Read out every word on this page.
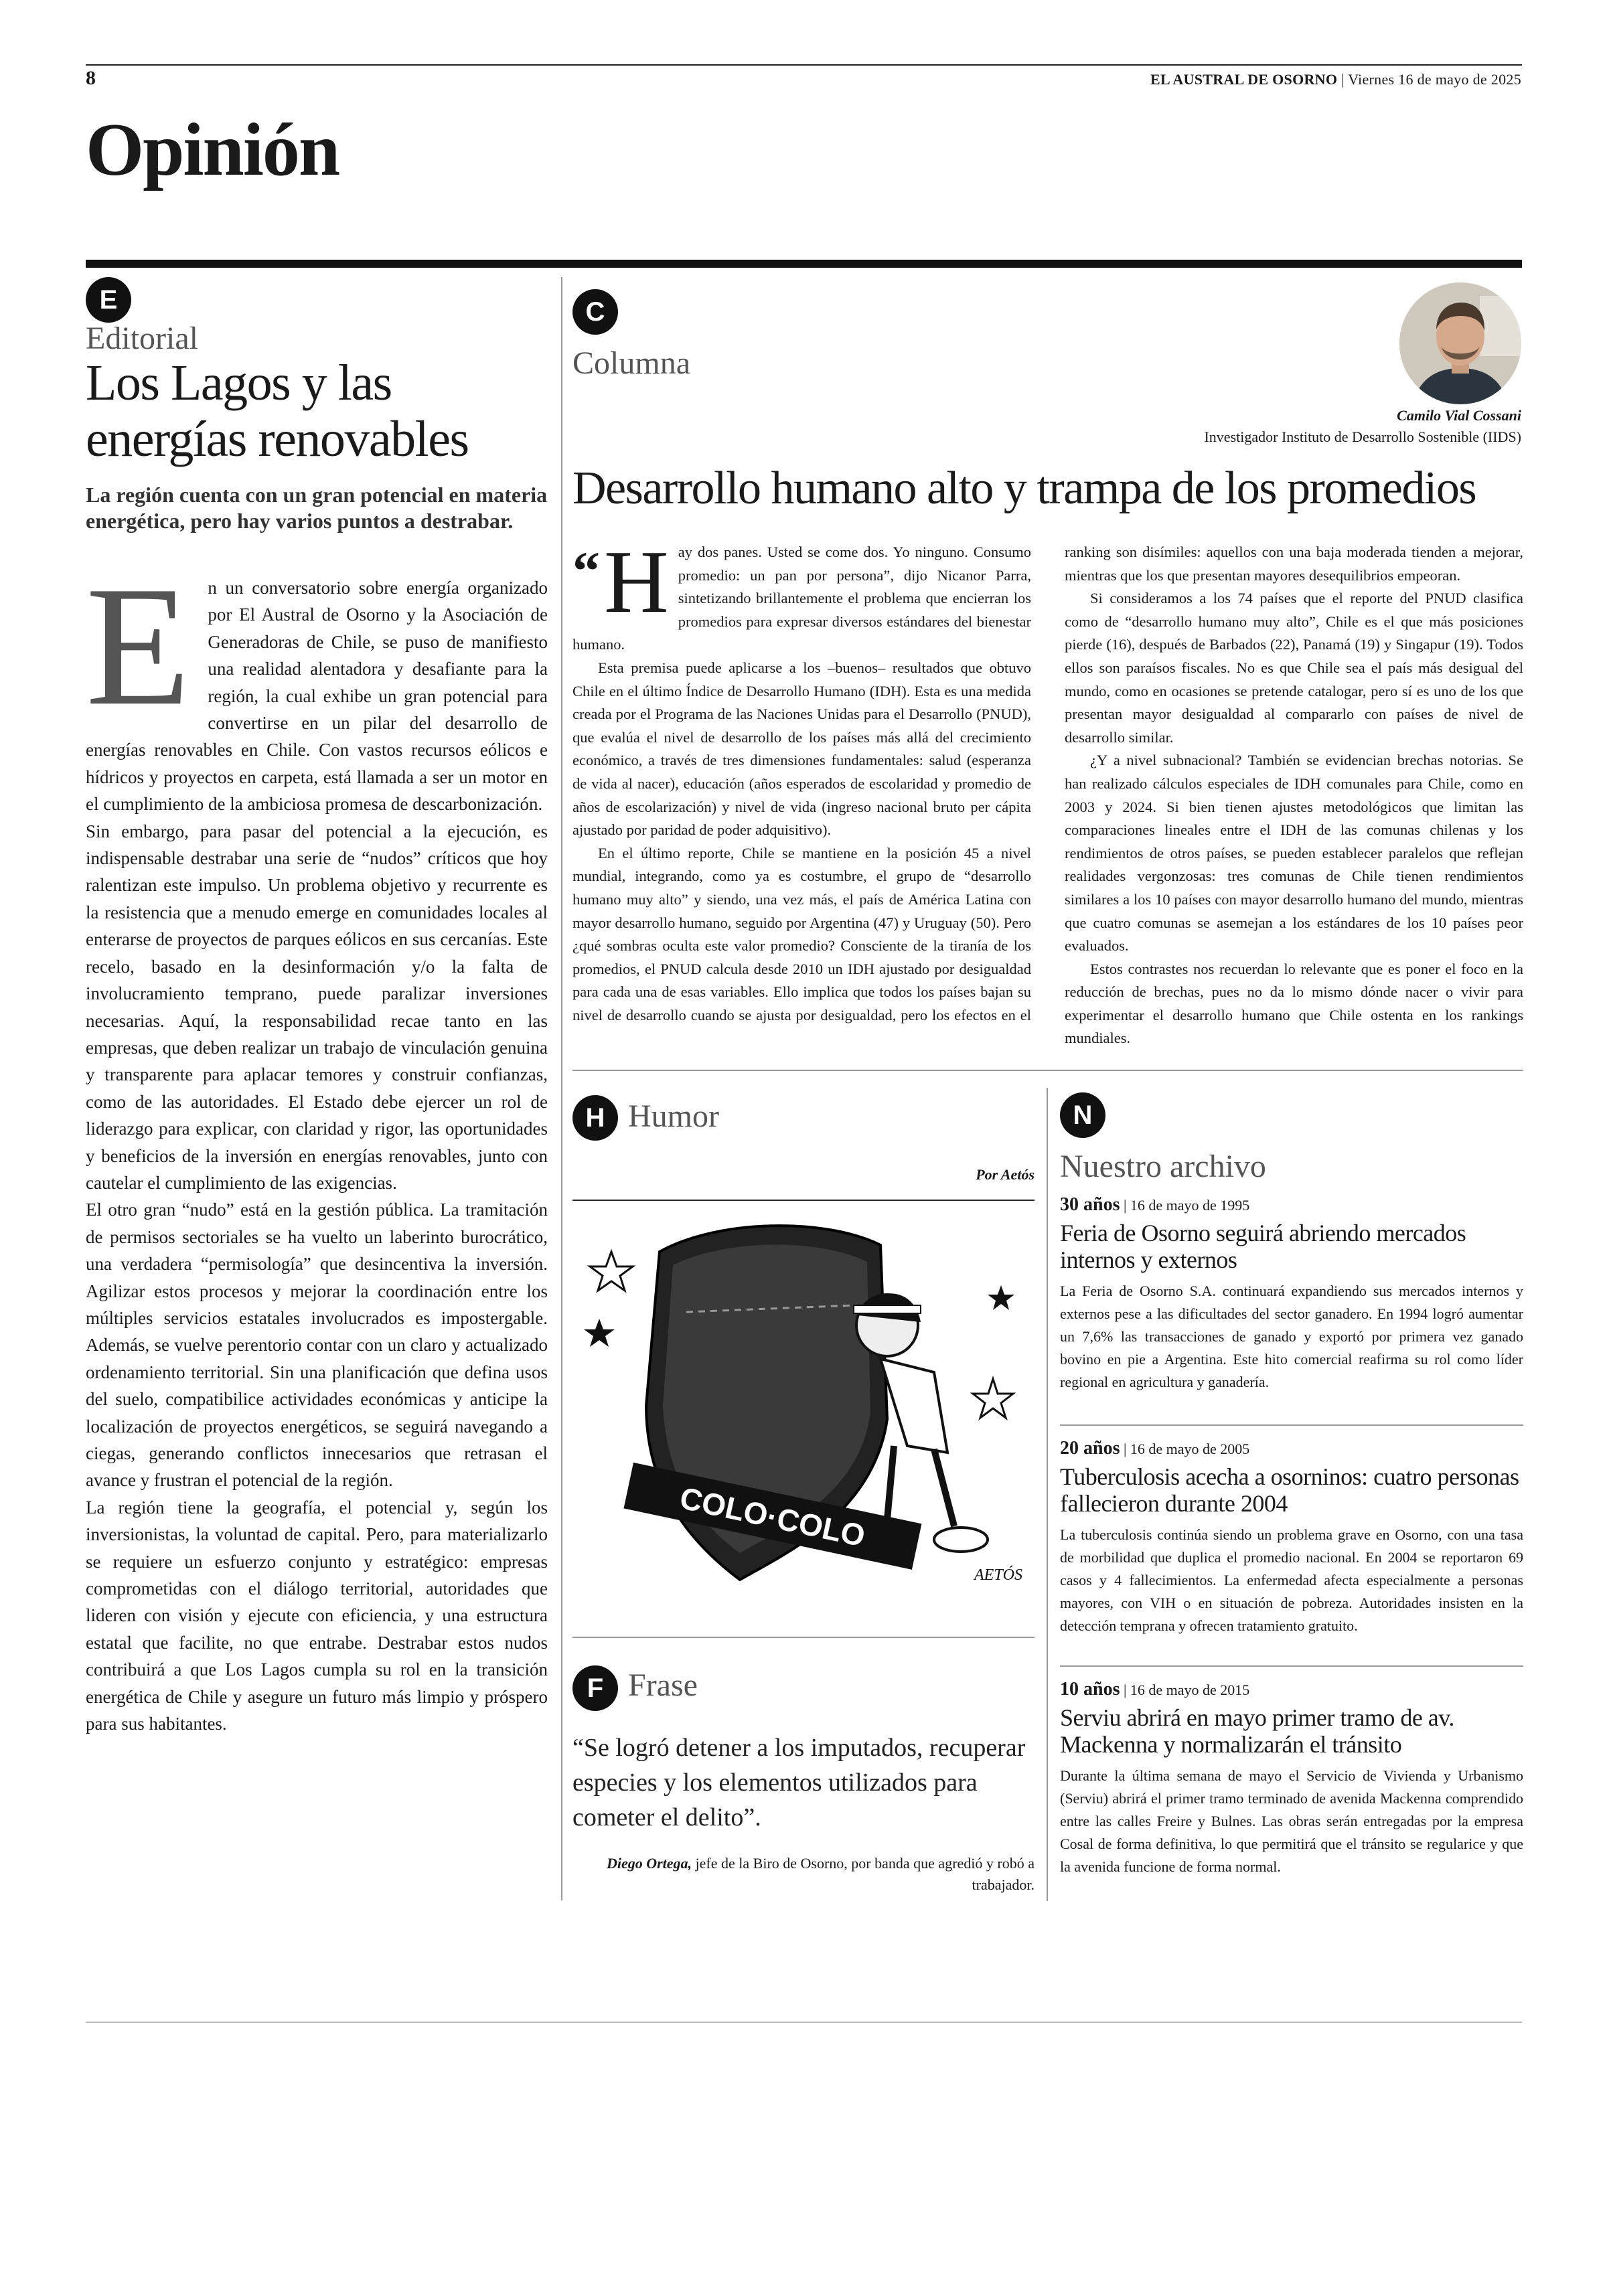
8	EL AUSTRAL DE OSORNO | Viernes 16 de mayo de 2025
Opinión
E
Editorial
Los Lagos y las energías renovables
La región cuenta con un gran potencial en materia energética, pero hay varios puntos a destrabar.

En un conversatorio sobre energía organizado por El Austral de Osorno y la Asociación de Generadoras de Chile, se puso de manifiesto una realidad alentadora y desafiante para la región, la cual exhibe un gran potencial para convertirse en un pilar del desarrollo de energías renovables en Chile. Con vastos recursos eólicos e hídricos y proyectos en carpeta, está llamada a ser un motor en el cumplimiento de la ambiciosa promesa de descarbonización.

Sin embargo, para pasar del potencial a la ejecución, es indispensable destrabar una serie de “nudos” críticos que hoy ralentizan este impulso. Un problema objetivo y recurrente es la resistencia que a menudo emerge en comunidades locales al enterarse de proyectos de parques eólicos en sus cercanías. Este recelo, basado en la desinformación y/o la falta de involucramiento temprano, puede paralizar inversiones necesarias. Aquí, la responsabilidad recae tanto en las empresas, que deben realizar un trabajo de vinculación genuina y transparente para aplacar temores y construir confianzas, como de las autoridades. El Estado debe ejercer un rol de liderazgo para explicar, con claridad y rigor, las oportunidades y beneficios de la inversión en energías renovables, junto con cautelar el cumplimiento de las exigencias.

El otro gran “nudo” está en la gestión pública. La tramitación de permisos sectoriales se ha vuelto un laberinto burocrático, una verdadera “permisología” que desincentiva la inversión. Agilizar estos procesos y mejorar la coordinación entre los múltiples servicios estatales involucrados es impostergable. Además, se vuelve perentorio contar con un claro y actualizado ordenamiento territorial. Sin una planificación que defina usos del suelo, compatibilice actividades económicas y anticipe la localización de proyectos energéticos, se seguirá navegando a ciegas, generando conflictos innecesarios que retrasan el avance y frustran el potencial de la región.

La región tiene la geografía, el potencial y, según los inversionistas, la voluntad de capital. Pero, para materializarlo se requiere un esfuerzo conjunto y estratégico: empresas comprometidas con el diálogo territorial, autoridades que lideren con visión y ejecute con eficiencia, y una estructura estatal que facilite, no que entrabe. Destrabar estos nudos contribuirá a que Los Lagos cumpla su rol en la transición energética de Chile y asegure un futuro más limpio y próspero para sus habitantes.

C
Columna
Camilo Vial Cossani
Investigador Instituto de Desarrollo Sostenible (IIDS)
Desarrollo humano alto y trampa de los promedios

“ H ay dos panes. Usted se come dos. Yo ninguno. Consumo promedio: un pan por persona”, dijo Nicanor Parra, sintetizando brillantemente el problema que encierran los promedios para expresar diversos estándares del bienestar humano.

Esta premisa puede aplicarse a los –buenos– resultados que obtuvo Chile en el último Índice de Desarrollo Humano (IDH). Esta es una medida creada por el Programa de las Naciones Unidas para el Desarrollo (PNUD), que evalúa el nivel de desarrollo de los países más allá del crecimiento económico, a través de tres dimensiones fundamentales: salud (esperanza de vida al nacer), educación (años esperados de escolaridad y promedio de años de escolarización) y nivel de vida (ingreso nacional bruto per cápita ajustado por paridad de poder adquisitivo).

En el último reporte, Chile se mantiene en la posición 45 a nivel mundial, integrando, como ya es costumbre, el grupo de “desarrollo humano muy alto” y siendo, una vez más, el país de América Latina con mayor desarrollo humano, seguido por Argentina (47) y Uruguay (50). Pero ¿qué sombras oculta este valor promedio? Consciente de la tiranía de los promedios, el PNUD calcula desde 2010 un IDH ajustado por desigualdad para cada una de esas variables. Ello implica que todos los países bajan su nivel de desarrollo cuando se ajusta por desigualdad, pero los efectos en el ranking son disímiles: aquellos con una baja moderada tienden a mejorar, mientras que los que presentan mayores desequilibrios empeoran.

Si consideramos a los 74 países que el reporte del PNUD clasifica como de “desarrollo humano muy alto”, Chile es el que más posiciones pierde (16), después de Barbados (22), Panamá (19) y Singapur (19). Todos ellos son paraísos fiscales. No es que Chile sea el país más desigual del mundo, como en ocasiones se pretende catalogar, pero sí es uno de los que presentan mayor desigualdad al compararlo con países de nivel de desarrollo similar.

¿Y a nivel subnacional? También se evidencian brechas notorias. Se han realizado cálculos especiales de IDH comunales para Chile, como en 2003 y 2024. Si bien tienen ajustes metodológicos que limitan las comparaciones lineales entre el IDH de las comunas chilenas y los rendimientos de otros países, se pueden establecer paralelos que reflejan realidades vergonzosas: tres comunas de Chile tienen rendimientos similares a los 10 países con mayor desarrollo humano del mundo, mientras que cuatro comunas se asemejan a los estándares de los 10 países peor evaluados.

Estos contrastes nos recuerdan lo relevante que es poner el foco en la reducción de brechas, pues no da lo mismo dónde nacer o vivir para experimentar el desarrollo humano que Chile ostenta en los rankings mundiales.

H Humor
Por Aetós
COLO·COLO
AETÓS
F Frase
“Se logró detener a los imputados, recuperar especies y los elementos utilizados para cometer el delito”.
Diego Ortega, jefe de la Biro de Osorno, por banda que agredió y robó a trabajador.
N
Nuestro archivo
30 años | 16 de mayo de 1995
Feria de Osorno seguirá abriendo mercados internos y externos

La Feria de Osorno S.A. continuará expandiendo sus mercados internos y externos pese a las dificultades del sector ganadero. En 1994 logró aumentar un 7,6% las transacciones de ganado y exportó por primera vez ganado bovino en pie a Argentina. Este hito comercial reafirma su rol como líder regional en agricultura y ganadería.

20 años | 16 de mayo de 2005
Tuberculosis acecha a osorninos: cuatro personas fallecieron durante 2004

La tuberculosis continúa siendo un problema grave en Osorno, con una tasa de morbilidad que duplica el promedio nacional. En 2004 se reportaron 69 casos y 4 fallecimientos. La enfermedad afecta especialmente a personas mayores, con VIH o en situación de pobreza. Autoridades insisten en la detección temprana y ofrecen tratamiento gratuito.

10 años | 16 de mayo de 2015
Serviu abrirá en mayo primer tramo de av. Mackenna y normalizarán el tránsito

Durante la última semana de mayo el Servicio de Vivienda y Urbanismo (Serviu) abrirá el primer tramo terminado de avenida Mackenna comprendido entre las calles Freire y Bulnes. Las obras serán entregadas por la empresa Cosal de forma definitiva, lo que permitirá que el tránsito se regularice y que la avenida funcione de forma normal.
